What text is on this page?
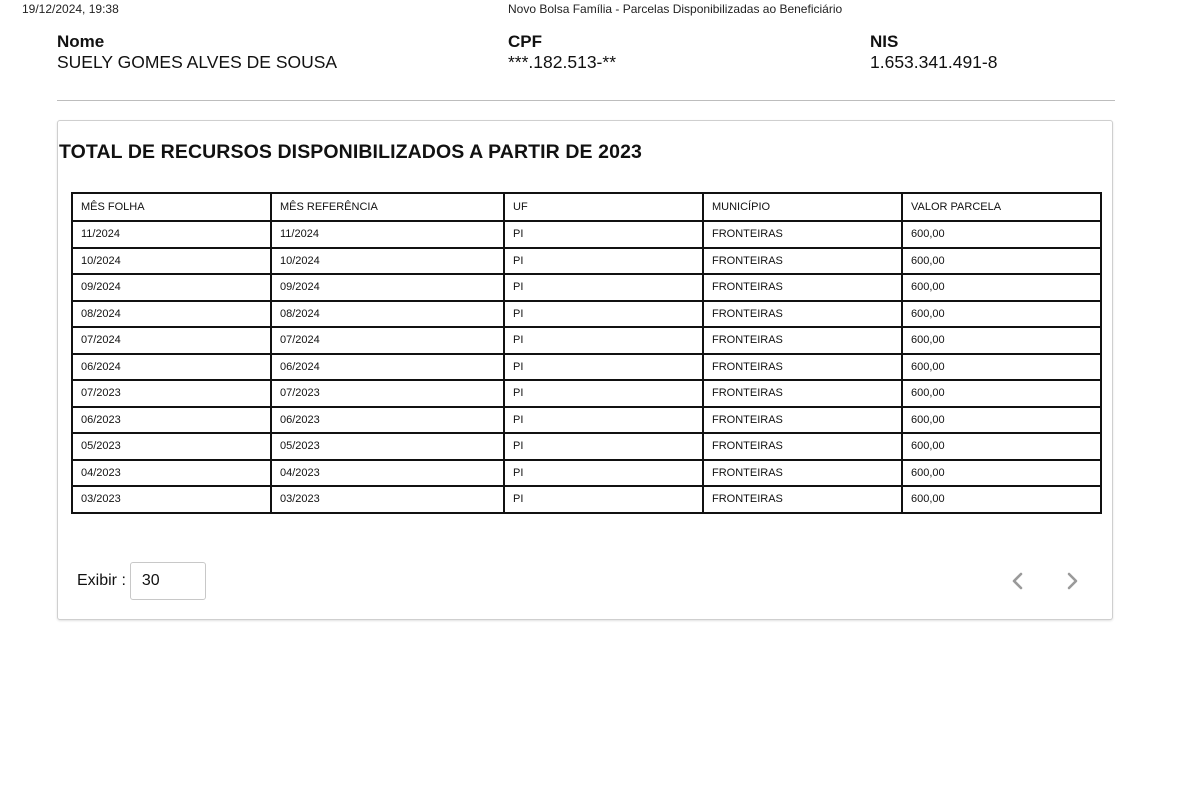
19/12/2024, 19:38	Novo Bolsa Família - Parcelas Disponibilizadas ao Beneficiário
Nome
SUELY GOMES ALVES DE SOUSA
CPF
***.182.513-**
NIS
1.653.341.491-8
TOTAL DE RECURSOS DISPONIBILIZADOS A PARTIR DE 2023
MÊS FOLHA	MÊS REFERÊNCIA	UF	MUNICÍPIO	VALOR PARCELA
11/2024	11/2024	PI	FRONTEIRAS	600,00
10/2024	10/2024	PI	FRONTEIRAS	600,00
09/2024	09/2024	PI	FRONTEIRAS	600,00
08/2024	08/2024	PI	FRONTEIRAS	600,00
07/2024	07/2024	PI	FRONTEIRAS	600,00
06/2024	06/2024	PI	FRONTEIRAS	600,00
07/2023	07/2023	PI	FRONTEIRAS	600,00
06/2023	06/2023	PI	FRONTEIRAS	600,00
05/2023	05/2023	PI	FRONTEIRAS	600,00
04/2023	04/2023	PI	FRONTEIRAS	600,00
03/2023	03/2023	PI	FRONTEIRAS	600,00
Exibir :
30
